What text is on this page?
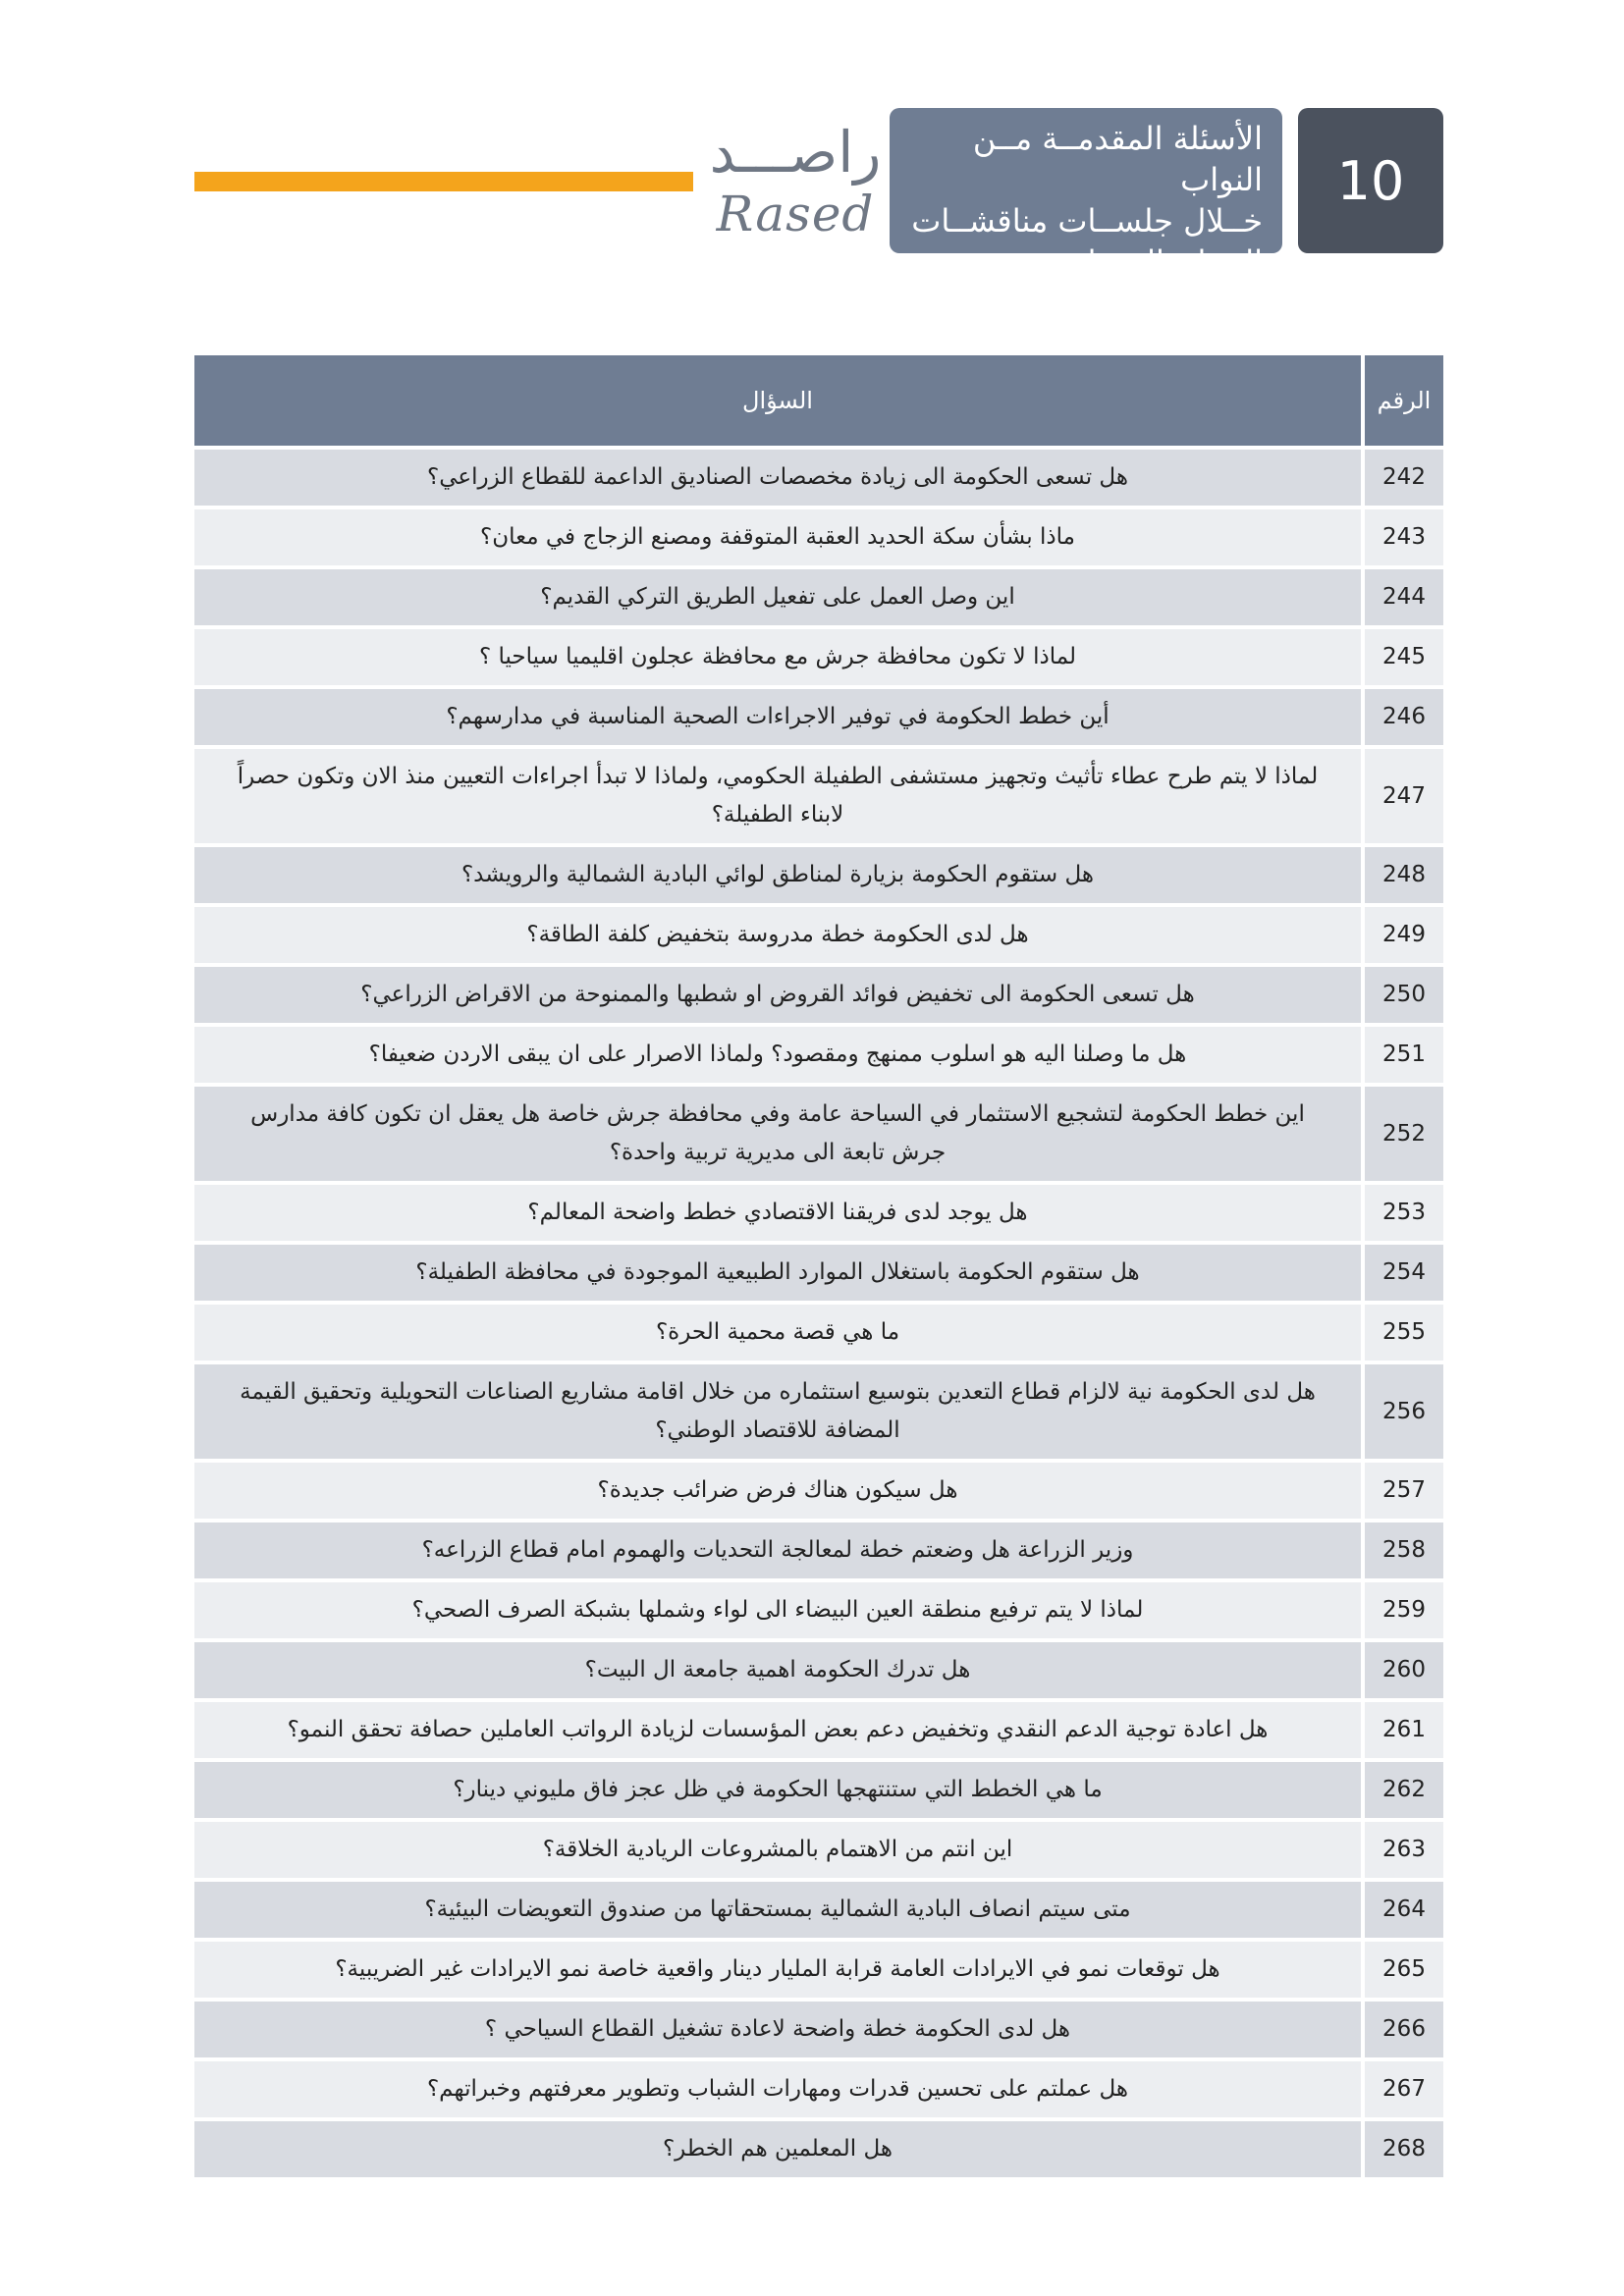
راصـــد
Rased
الأسئلة المقدمــة مــن النواب
خــلال جلســات مناقشــات
البيــان الــوزاري
10
الرقم	السؤال
242	هل تسعى الحكومة الى زيادة مخصصات الصناديق الداعمة للقطاع الزراعي؟
243	ماذا بشأن سكة الحديد العقبة المتوقفة ومصنع الزجاج في معان؟
244	اين وصل العمل على تفعيل الطريق التركي القديم؟
245	لماذا لا تكون محافظة جرش مع محافظة عجلون اقليميا سياحيا ؟
246	أين خطط الحكومة في توفير الاجراءات الصحية المناسبة في مدارسهم؟
247	لماذا لا يتم طرح عطاء تأثيث وتجهيز مستشفى الطفيلة الحكومي، ولماذا لا تبدأ اجراءات التعيين منذ الان وتكون حصراً لابناء الطفيلة؟
248	هل ستقوم الحكومة بزيارة لمناطق لوائي البادية الشمالية والرويشد؟
249	هل لدى الحكومة خطة مدروسة بتخفيض كلفة الطاقة؟
250	هل تسعى الحكومة الى تخفيض فوائد القروض او شطبها والممنوحة من الاقراض الزراعي؟
251	هل ما وصلنا اليه هو اسلوب ممنهج ومقصود؟ ولماذا الاصرار على ان يبقى الاردن ضعيفا؟
252	اين خطط الحكومة لتشجيع الاستثمار في السياحة عامة وفي محافظة جرش خاصة هل يعقل ان تكون كافة مدارس جرش تابعة الى مديرية تربية واحدة؟
253	هل يوجد لدى فريقنا الاقتصادي خطط واضحة المعالم؟
254	هل ستقوم الحكومة باستغلال الموارد الطبيعية الموجودة في محافظة الطفيلة؟
255	ما هي قصة محمية الحرة؟
256	هل لدى الحكومة نية لالزام قطاع التعدين بتوسيع استثماره من خلال اقامة مشاريع الصناعات التحويلية وتحقيق القيمة المضافة للاقتصاد الوطني؟
257	هل سيكون هناك فرض ضرائب جديدة؟
258	وزير الزراعة هل وضعتم خطة لمعالجة التحديات والهموم امام قطاع الزراعه؟
259	لماذا لا يتم ترفيع منطقة العين البيضاء الى لواء وشملها بشبكة الصرف الصحي؟
260	هل تدرك الحكومة اهمية جامعة ال البيت؟
261	هل اعادة توجية الدعم النقدي وتخفيض دعم بعض المؤسسات لزيادة الرواتب العاملين حصافة تحقق النمو؟
262	ما هي الخطط التي ستنتهجها الحكومة في ظل عجز فاق مليوني دينار؟
263	اين انتم من الاهتمام بالمشروعات الريادية الخلاقة؟
264	متى سيتم انصاف البادية الشمالية بمستحقاتها من صندوق التعويضات البيئية؟
265	هل توقعات نمو في الايرادات العامة قرابة المليار دينار واقعية خاصة نمو الايرادات غير الضريبية؟
266	هل لدى الحكومة خطة واضحة لاعادة تشغيل القطاع السياحي ؟
267	هل عملتم على تحسين قدرات ومهارات الشباب وتطوير معرفتهم وخبراتهم؟
268	هل المعلمين هم الخطر؟
